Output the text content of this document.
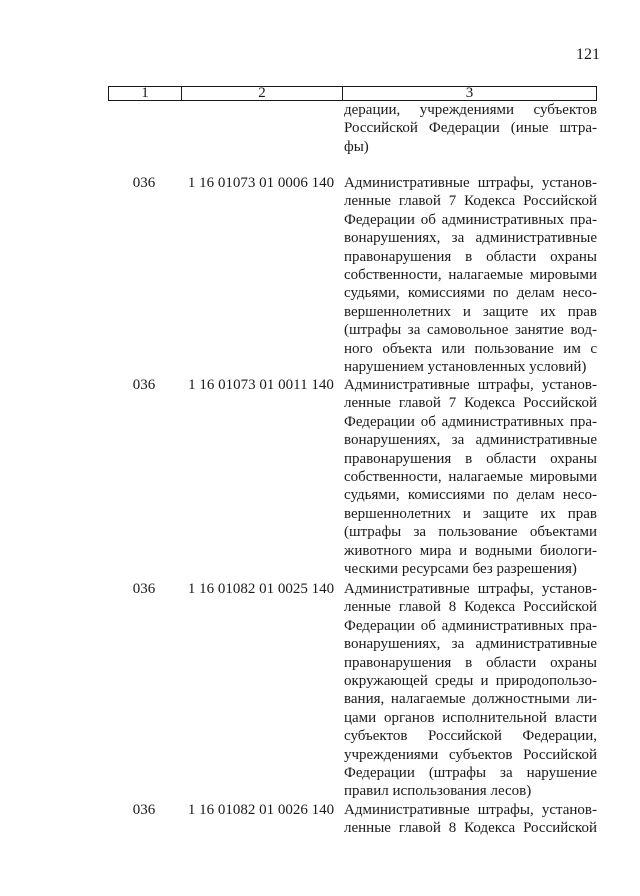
121
1	2	3
дерации, учреждениями субъектов
Российской Федерации (иные штра-
фы)
036	1 16 01073 01 0006 140 Административные штрафы, установ-
ленные главой 7 Кодекса Российской
Федерации об административных пра-
вонарушениях, за административные
правонарушения в области охраны
собственности, налагаемые мировыми
судьями, комиссиями по делам несо-
вершеннолетних и защите их прав
(штрафы за самовольное занятие вод-
ного объекта или пользование им с
нарушением установленных условий)
036	1 16 01073 01 0011 140 Административные штрафы, установ-
ленные главой 7 Кодекса Российской
Федерации об административных пра-
вонарушениях, за административные
правонарушения в области охраны
собственности, налагаемые мировыми
судьями, комиссиями по делам несо-
вершеннолетних и защите их прав
(штрафы за пользование объектами
животного мира и водными биологи-
ческими ресурсами без разрешения)
036	1 16 01082 01 0025 140 Административные штрафы, установ-
ленные главой 8 Кодекса Российской
Федерации об административных пра-
вонарушениях, за административные
правонарушения в области охраны
окружающей среды и природопользо-
вания, налагаемые должностными ли-
цами органов исполнительной власти
субъектов Российской Федерации,
учреждениями субъектов Российской
Федерации (штрафы за нарушение
правил использования лесов)
036	1 16 01082 01 0026 140 Административные штрафы, установ-
ленные главой 8 Кодекса Российской
